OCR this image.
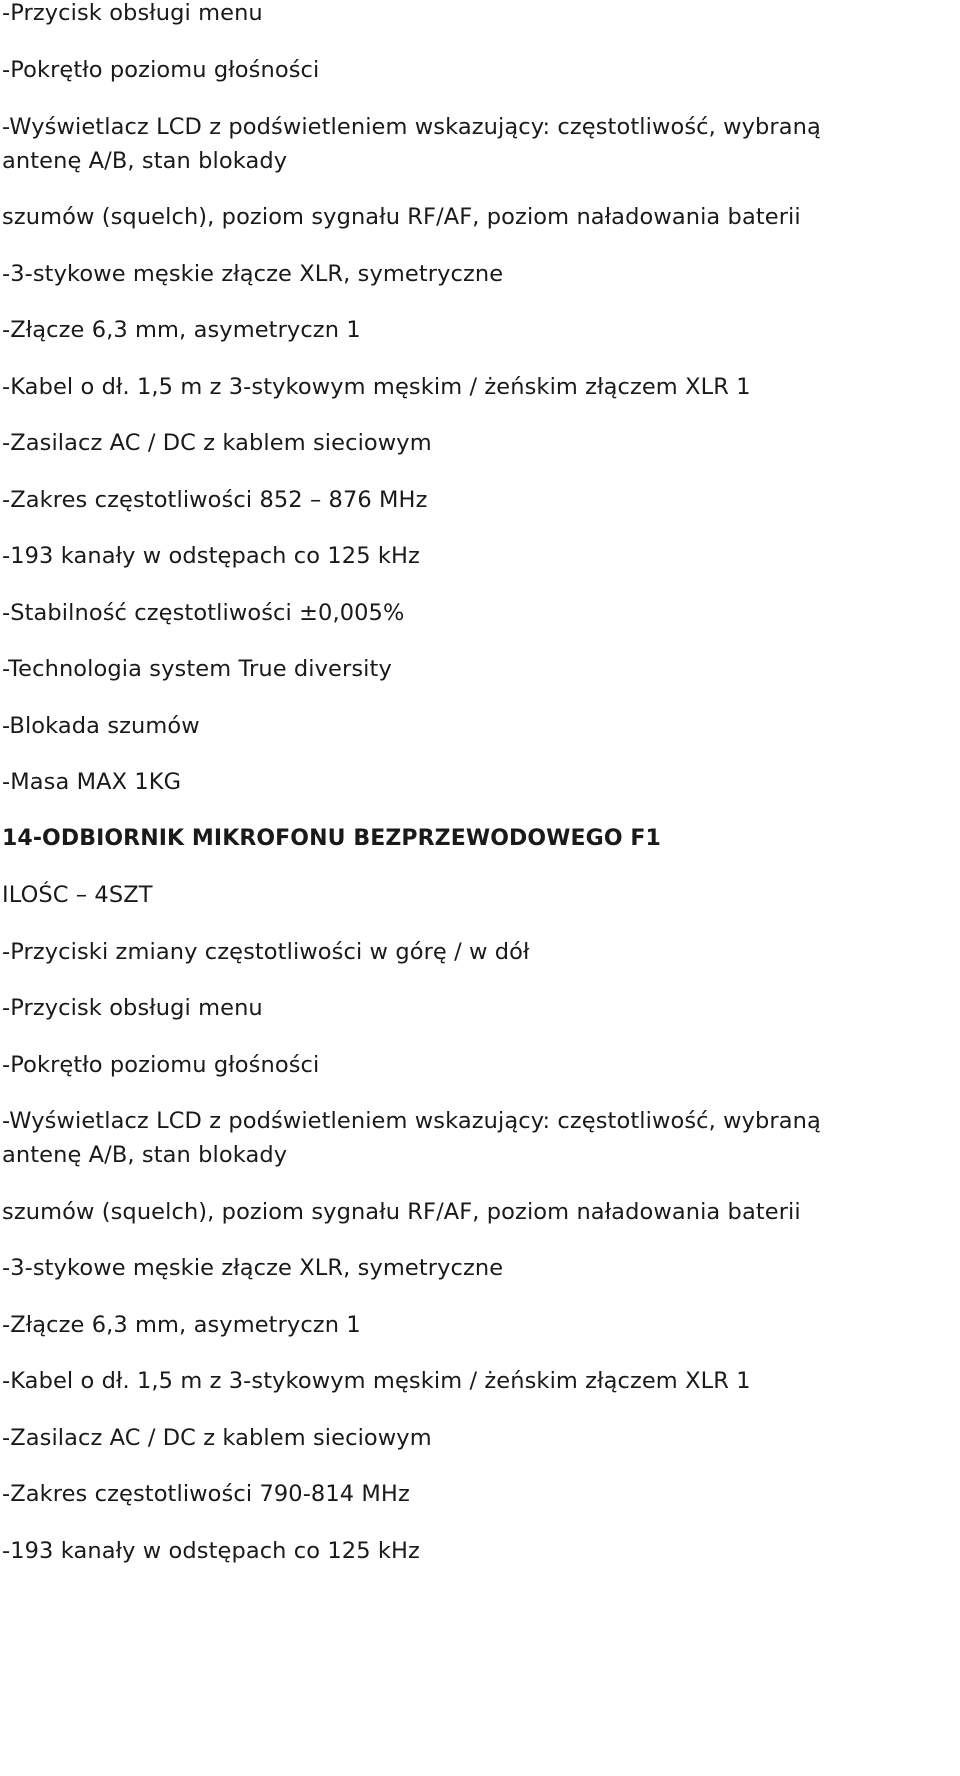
-Przycisk obsługi menu

-Pokrętło poziomu głośności

-Wyświetlacz LCD z podświetleniem wskazujący: częstotliwość, wybraną

antenę A/B, stan blokady

szumów (squelch), poziom sygnału RF/AF, poziom naładowania baterii

-3-stykowe męskie złącze XLR, symetryczne

-Złącze 6,3 mm, asymetryczn 1

-Kabel o dł. 1,5 m z 3-stykowym męskim / żeńskim złączem XLR 1

-Zasilacz AC / DC z kablem sieciowym

-Zakres częstotliwości 852 – 876 MHz

-193 kanały w odstępach co 125 kHz

-Stabilność częstotliwości ±0,005%

-Technologia system True diversity

-Blokada szumów

-Masa MAX 1KG

14-ODBIORNIK MIKROFONU BEZPRZEWODOWEGO F1

ILOŚC – 4SZT

-Przyciski zmiany częstotliwości w górę / w dół

-Przycisk obsługi menu

-Pokrętło poziomu głośności

-Wyświetlacz LCD z podświetleniem wskazujący: częstotliwość, wybraną

antenę A/B, stan blokady

szumów (squelch), poziom sygnału RF/AF, poziom naładowania baterii

-3-stykowe męskie złącze XLR, symetryczne

-Złącze 6,3 mm, asymetryczn 1

-Kabel o dł. 1,5 m z 3-stykowym męskim / żeńskim złączem XLR 1

-Zasilacz AC / DC z kablem sieciowym

-Zakres częstotliwości 790-814 MHz

-193 kanały w odstępach co 125 kHz
